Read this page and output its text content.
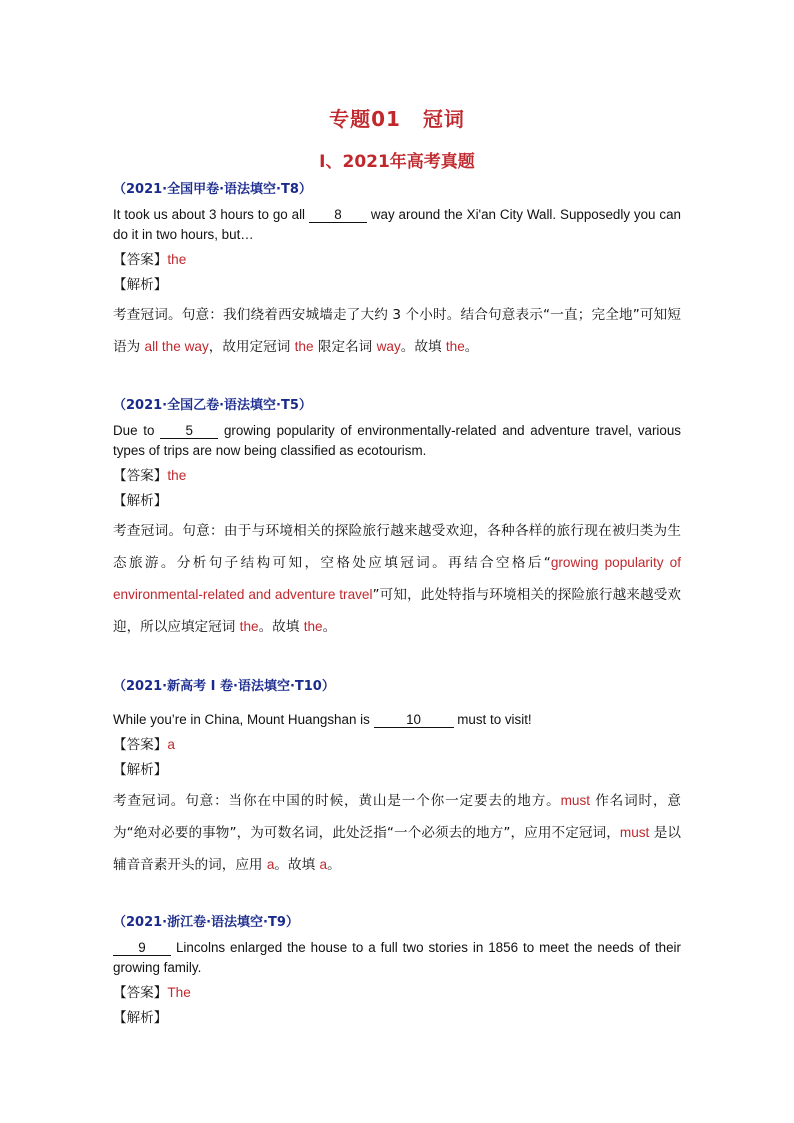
专题01 冠词
I、2021年高考真题
（2021·全国甲卷·语法填空·T8）
It took us about 3 hours to go all 8 way around the Xi'an City Wall. Supposedly you can do it in two hours, but…
【答案】the
【解析】
考查冠词。句意：我们绕着西安城墙走了大约 3 个小时。结合句意表示“一直；完全地”可知短语为 all the way，故用定冠词 the 限定名词 way。故填 the。
（2021·全国乙卷·语法填空·T5）
Due to 5 growing popularity of environmentally-related and adventure travel, various types of trips are now being classified as ecotourism.
【答案】the
【解析】
考查冠词。句意：由于与环境相关的探险旅行越来越受欢迎，各种各样的旅行现在被归类为生态旅游。分析句子结构可知，空格处应填冠词。再结合空格后“growing popularity of environmental-related and adventure travel”可知，此处特指与环境相关的探险旅行越来越受欢迎，所以应填定冠词 the。故填 the。
（2021·新高考 I 卷·语法填空·T10）
While you’re in China, Mount Huangshan is 10 must to visit!
【答案】a
【解析】
考查冠词。句意：当你在中国的时候，黄山是一个你一定要去的地方。must 作名词时，意为“绝对必要的事物”，为可数名词，此处泛指“一个必须去的地方”，应用不定冠词，must 是以辅音音素开头的词，应用 a。故填 a。
（2021·浙江卷·语法填空·T9）
9 Lincolns enlarged the house to a full two stories in 1856 to meet the needs of their growing family.
【答案】The
【解析】
